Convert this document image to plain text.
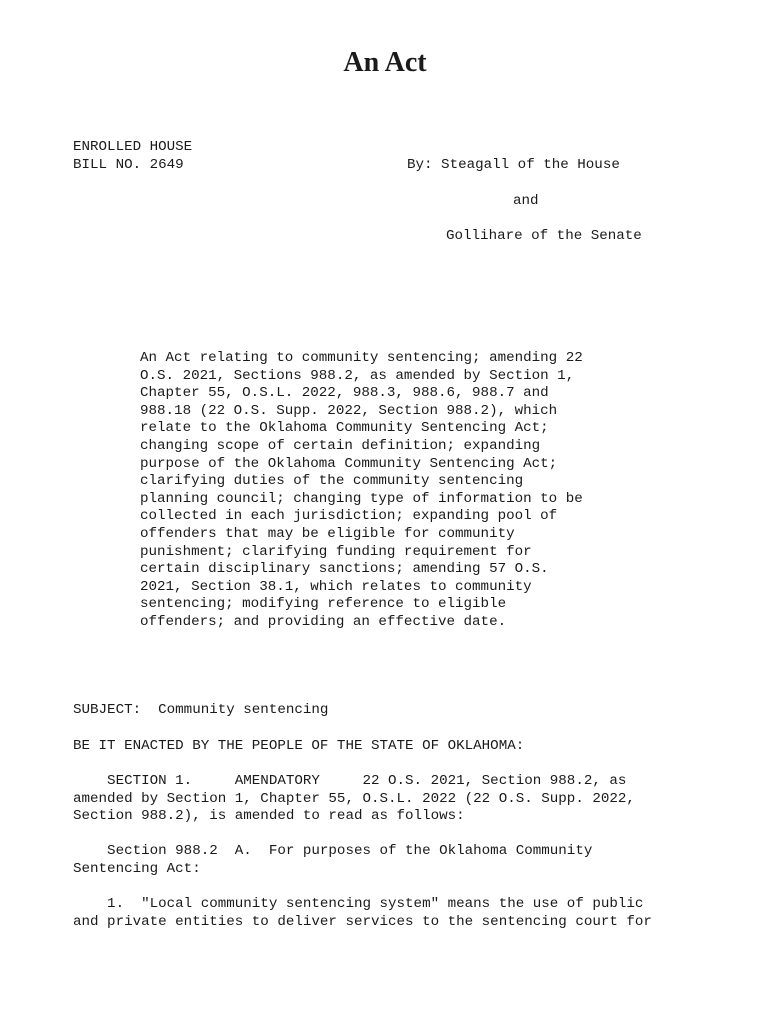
An Act
ENROLLED HOUSE
BILL NO. 2649	By: Steagall of the House
and
Gollihare of the Senate
An Act relating to community sentencing; amending 22
O.S. 2021, Sections 988.2, as amended by Section 1,
Chapter 55, O.S.L. 2022, 988.3, 988.6, 988.7 and
988.18 (22 O.S. Supp. 2022, Section 988.2), which
relate to the Oklahoma Community Sentencing Act;
changing scope of certain definition; expanding
purpose of the Oklahoma Community Sentencing Act;
clarifying duties of the community sentencing
planning council; changing type of information to be
collected in each jurisdiction; expanding pool of
offenders that may be eligible for community
punishment; clarifying funding requirement for
certain disciplinary sanctions; amending 57 O.S.
2021, Section 38.1, which relates to community
sentencing; modifying reference to eligible
offenders; and providing an effective date.
SUBJECT:  Community sentencing
BE IT ENACTED BY THE PEOPLE OF THE STATE OF OKLAHOMA:
SECTION 1.     AMENDATORY     22 O.S. 2021, Section 988.2, as
amended by Section 1, Chapter 55, O.S.L. 2022 (22 O.S. Supp. 2022,
Section 988.2), is amended to read as follows:
Section 988.2  A.  For purposes of the Oklahoma Community
Sentencing Act:
1.  "Local community sentencing system" means the use of public
and private entities to deliver services to the sentencing court for
